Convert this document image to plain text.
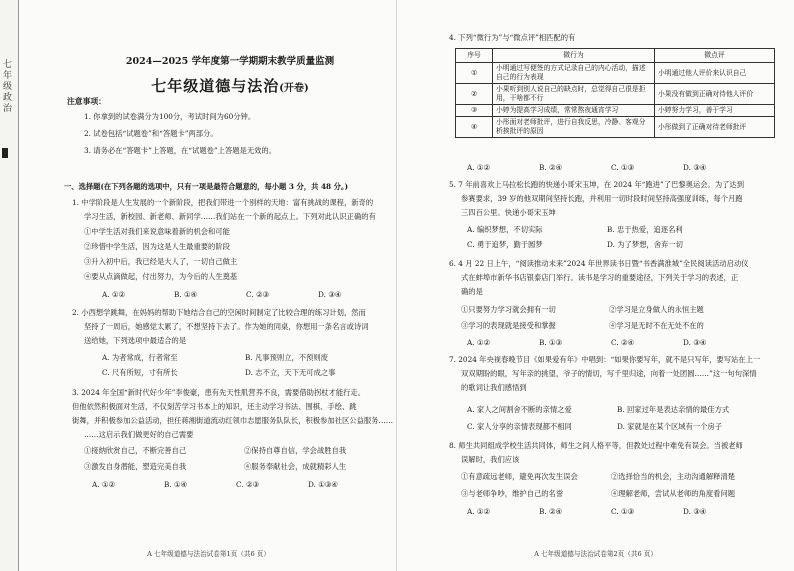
七年级政治
2024—2025 学年度第一学期期末教学质量监测
七年级道德与法治(开卷)
注意事项：
1. 你拿到的试卷满分为100分，考试时间为60分钟。
2. 试卷包括“试题卷”和“答题卡”两部分。
3. 请务必在“答题卡”上答题，在“试题卷”上答题是无效的。
一、选择题(在下列各题的选项中，只有一项是最符合题意的，每小题 3 分，共 48 分。)
1. 中学阶段是人生发展的一个新阶段，把我们带进一个别样的天地：富有挑战的课程，新奇的
学习生活，新校园、新老师、新同学……我们站在一个新的起点上。下列对此认识正确的有
①中学生活对我们来说意味着新的机会和可能
②珍惜中学生活，因为这是人生最重要的阶段
③升入初中后，我已经是大人了，一切自己做主
④要从点滴做起，付出努力，为今后的人生奠基
A. ①②	B. ①④	C. ②③	D. ③④
2. 小西想学跳舞，在妈妈的帮助下她结合自己的空闲时间制定了比较合理的练习计划，然而
坚持了一周后，她感觉太累了，不想坚持下去了。作为她的同桌，你想用一条名言或诗词
送给她，下列选项中最适合的是
A. 为者常成，行者常至	B. 凡事预则立，不预则废
C. 尺有所短，寸有所长	D. 志不立，天下无可成之事
3. 2024 年全国“新时代好少年”李俊豪，患有先天性肌营养不良，需要借助拐杖才能行走。
但他依然积极面对生活，不仅刻苦学习书本上的知识，还主动学习书法、围棋、手绘、跳
街舞，并积极参加公益活动，担任蒋湘街道流动红领巾志愿服务队队长，积极参加社区公益服务……
……这启示我们做更好的自己需要
①接纳欣赏自己，不断完善自己	②保持自尊自信，学会战胜自我
③激发自身潜能，塑造完美自我	④服务奉献社会，成就精彩人生
A. ①②	B. ①④	C. ②③	D. ①③④
A 七年级道德与法治试卷第1页（共6 页）
4. 下列“微行为”与“微点评”相匹配的有
序号	微行为	微点评
①	小明通过写便签的方式记录自己的内心活动，描述自己的行为表现	小明通过他人评价来认识自己
②	小果听到别人说自己的缺点时，总觉得自己很是拒用，干啥都不行	小果没有做到正确对待他人评价
③	小婷为提高学习成绩，常常熬夜通宵学习	小婷努力学习，善于学习
④	小彤面对老师批评，进行自我反思，冷静、客观分析挨批评的原因	小彤做到了正确对待老师批评
A. ①②	B. ②④	C. ①③	D. ③④
5. 7 年前喜欢上马拉松长跑的快递小哥宋玉坤，在 2024 年“跑进”了巴黎奥运会。为了达到
参赛要求，39 岁的他双期间坚持长跑，并利用一切时段时间坚持高强度训练，每个月跑
三四百公里。快递小哥宋玉坤
A. 编织梦想，不切实际	B. 忠于热爱，追逐名利
C. 勇于追梦，勤于圆梦	D. 为了梦想，舍弃一切
6. 4 月 22 日上午，“阅读推动未来”2024 年世界读书日暨“书香满淮城”全民阅读活动启动仪
式在蚌埠市新华书店银泰店门举行。读书是学习的重要途径，下列关于学习的表述，正
确的是
①只要努力学习就会拥有一切	②学习是立身做人的永恒主题
③学习的表现就是接受和掌握	④学习是无时不在无处不在的
A. ①②	B. ①③	C. ②④	D. ③④
7. 2024 年央视春晚节目《如果爱有年》中唱到：“如果你要写年，就不是只写年，要写站在上一
双双期盼的眼，写年亲的挑望，爷子的情切，写千里归途，向着一处团圆……”这一句句深情
的歌词让我们感悟到
A. 家人之间割舍不断的亲情之爱	B. 回家过年是表达亲情的最佳方式
C. 家人分享的亲情表现都不相同	D. 家就是在某个区域有一个房子
8. 师生共同组成学校生活共同体，师生之间人格平等，但教处过程中难免有误会。当被老师
误解时，我们应该
①有意疏远老师，避免再次发生误会	②选择恰当的机会，主动沟通解释清楚
③与老师争吵，维护自己的名誉	④理解老师，尝试从老师的角度看问题
A. ①②	B. ②④	C. ①③	D. ③④
A 七年级道德与法治试卷第2页（共6 页）
